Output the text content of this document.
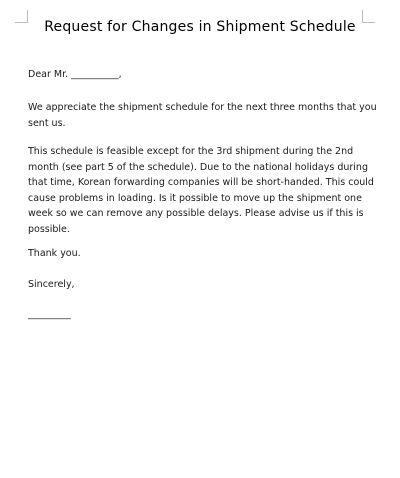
Request for Changes in Shipment Schedule

Dear Mr. __________,

We appreciate the shipment schedule for the next three months that you sent us.

This schedule is feasible except for the 3rd shipment during the 2nd month (see part 5 of the schedule). Due to the national holidays during that time, Korean forwarding companies will be short-handed. This could cause problems in loading. Is it possible to move up the shipment one week so we can remove any possible delays. Please advise us if this is possible.

Thank you.

Sincerely,

_________
